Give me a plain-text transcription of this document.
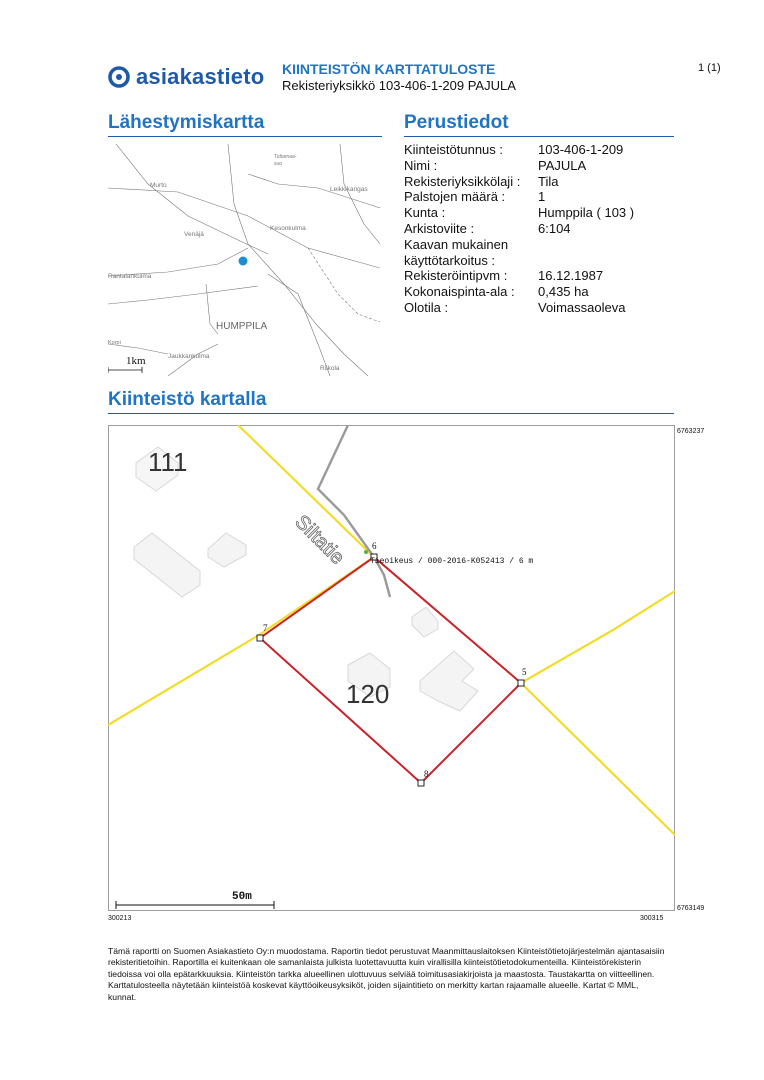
asiakastieto KIINTEISTÖN KARTTATULOSTE
Rekisteriyksikkö 103-406-1-209 PAJULA
1 (1)
Lähestymiskartta	Perustiedot
Murto
Tuttamaa-
suo
Leikkikangas
Venäjä
Kesonkulma
Rantalankulma
HUMPPILA
Korpi
Jaukkankulma
Riikola
1km
Kiinteistötunnus :	103-406-1-209
Nimi :	PAJULA
Rekisteriyksikkölaji :	Tila
Palstojen määrä :	1
Kunta :	Humppila ( 103 )
Arkistoviite :	6:104
Kaavan mukainen
käyttötarkoitus :
Rekisteröintipvm :	16.12.1987
Kokonaispinta-ala :	0,435 ha
Olotila :	Voimassaoleva
Kiinteistö kartalla
6
5
8
7
111
120
Siltatie	Tieoikeus / 000-2016-K052413 / 6 m
50m
6763237
6763149
300213	300315
Tämä raportti on Suomen Asiakastieto Oy:n muodostama. Raportin tiedot perustuvat Maanmittauslaitoksen Kiinteistötietojärjestelmän ajantasaisiin rekisteritietoihin. Raportilla ei kuitenkaan ole samanlaista julkista luotettavuutta kuin virallisilla kiinteistötietodokumenteilla. Kiinteistörekisterin tiedoissa voi olla epätarkkuuksia. Kiinteistön tarkka alueellinen ulottuvuus selviää toimitusasiakirjoista ja maastosta. Taustakartta on viitteellinen. Karttatulosteella näytetään kiinteistöä koskevat käyttöoikeusyksiköt, joiden sijaintitieto on merkitty kartan rajaamalle alueelle. Kartat © MML, kunnat.
